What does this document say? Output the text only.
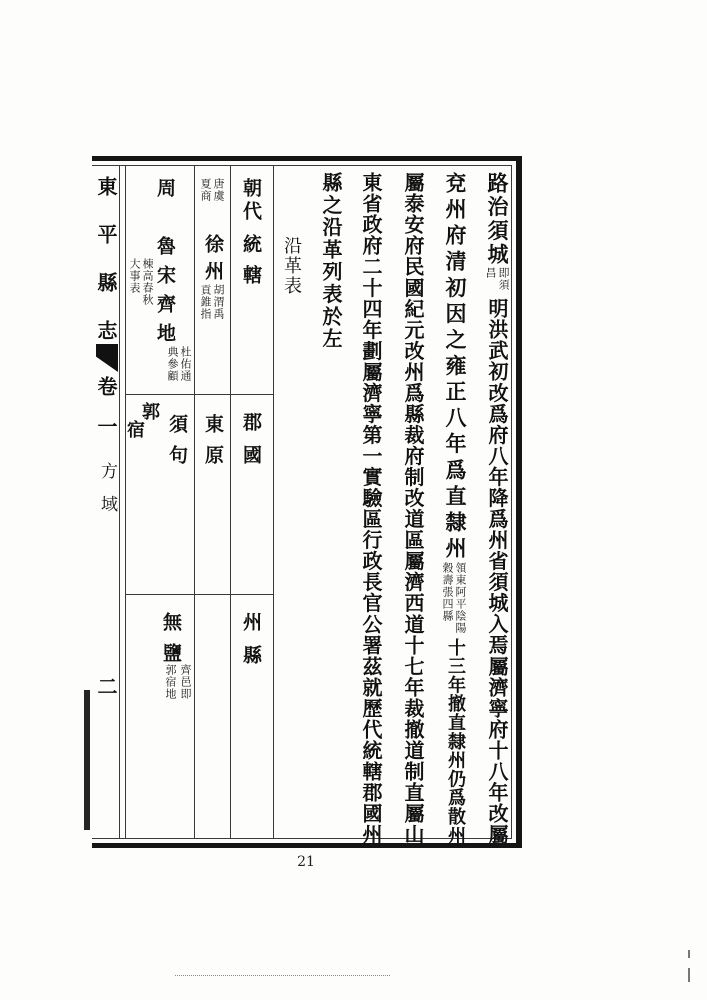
東平縣志
卷一
方域
二
路治須城
即須昌
明洪武初改爲府八年降爲州省須城入焉屬濟寧府十八年改屬
兗州府清初因之雍正八年爲直隸州
領東阿平陰陽穀壽張四縣
十三年撤直隸州仍爲散州
屬泰安府民國紀元改州爲縣裁府制改道區屬濟西道十七年裁撤道制直屬山
東省政府二十四年劃屬濟寧第一實驗區行政長官公署茲就歷代統轄郡國州
縣之沿革列表於左
沿革表
朝代
統轄
郡國
州縣
唐虞夏商
徐州
胡渭禹貢錐指
東原
周
魯宋齊地
杜佑通典參顧
棟高春秋大事表
須句
郭
宿
無鹽
齊邑即郭宿地
21
